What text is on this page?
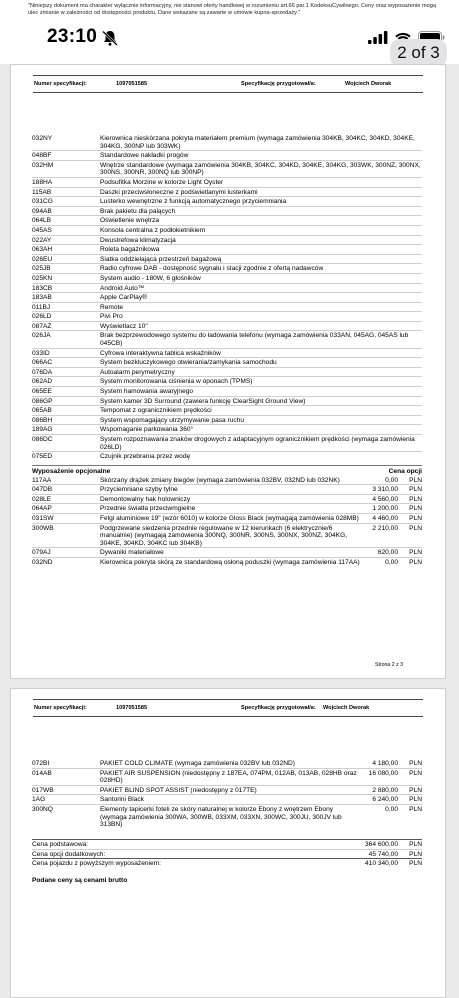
"Niniejszy dokument ma charakter wyłącznie informacyjny, nie stanowi oferty handlowej w rozumieniu art.66 par.1 KodeksuCywilnego. Ceny oraz wyposażenie mogą ulec zmianie w zależności od dostępności produktu. Dane wskazane są zawarte w umowie kupna-sprzedaży."
23:10
2 of 3
Numer specyfikacji:	1097051585	Specyfikację przygotował/a:	Wojciech Dworak
032NY	Kierownica nieskórzana pokryta materiałem premium (wymaga zamówienia 304KB, 304KC, 304KD, 304KE, 304KG, 300NP lub 303WK)
048BF	Standardowe nakładki progów
032HM	Wnętrze standardowe (wymaga zamówienia 304KB, 304KC, 304KD, 304KE, 304KG, 303WK, 300NZ, 300NX, 300NS, 300NR, 300NQ lub 300NP)
188HA	Podsufitka Morzine w kolorze Light Oyster
115AB	Daszki przeciwsłoneczne z podświetlanymi lusterkami
031CG	Lusterko wewnętrzne z funkcją automatycznego przyciemniania
094AB	Brak pakietu dla palących
064LB	Oświetlenie wnętrza
045AS	Konsola centralna z podłokietnikiem
022AY	Dwustrefowa klimatyzacja
063AH	Roleta bagażnikowa
026EU	Siatka oddzielająca przestrzeń bagażową
025JB	Radio cyfrowe DAB - dostępność sygnału i stacji zgodnie z ofertą nadawców
025KN	System audio - 180W, 6 głośników
183CB	Android Auto™
183AB	Apple CarPlay®
011BJ	Remote
026LD	Pivi Pro
087AZ	Wyświetlacz 10"
026JA	Brak bezprzewodowego systemu do ładowania telefonu (wymaga zamówienia 033AN, 045AG, 045AS lub 045CB)
033ID	Cyfrowa interaktywna tablica wskaźników
066AC	System bezkluczykowego otwierania/zamykania samochodu
076DA	Autoalarm perymetryczny
062AD	System monitorowania ciśnienia w oponach (TPMS)
065EE	System hamowania awaryjnego
086GP	System kamer 3D Surround (zawiera funkcję ClearSight Ground View)
065AB	Tempomat z ogranicznikiem prędkości
086BH	System wspomagający utrzymywanie pasa ruchu
189AG	Wspomaganie parkowania 360°
086DC	System rozpoznawania znaków drogowych z adaptacyjnym ogranicznikiem prędkości (wymaga zamówienia 026LD)
075ED	Czujnik przebrania przez wodę
Wyposażenie opcjonalne	Cena opcji
117AA	Skórzany drążek zmiany biegów (wymaga zamówienia 032BV, 032ND lub 032NK)	0,00	PLN
047DB	Przyciemniane szyby tylne	3 310,00	PLN
028LE	Demontowalny hak holowniczy	4 560,00	PLN
064AP	Przednie światła przeciwmgielne	1 200,00	PLN
031SW	Felgi aluminiowe 19" (wzór 6010) w kolorze Gloss Black (wymagają zamówienia 028MB)	4 460,00	PLN
300WB	Podgrzewane siedzenia przednie regulowane w 12 kierunkach (6 elektrycznie/6 manualnie) (wymagają zamówienia 300NQ, 300NR, 300NS, 300NX, 300NZ, 304KG, 304KE, 304KD, 304KC lub 304KB)
2 210,00	PLN
079AJ	Dywaniki materiałowe	620,00	PLN
032ND	Kierownica pokryta skórą ze standardową osłoną poduszki (wymaga zamówienia 117AA)	0,00	PLN
Strona 2 z 3
Numer specyfikacji:	1097051585	Specyfikację przygotował/a: Wojciech Dworak
072BI	PAKIET COLD CLIMATE (wymaga zamówienia 032BV lub 032ND)	4 180,00	PLN
014AB	PAKIET AIR SUSPENSION (niedostępny z 187EA, 074PM, 012AB, 013AB, 028HB oraz 028HD)
16 080,00	PLN
017WB	PAKIET BLIND SPOT ASSIST (niedostępny z 017TE)	2 880,00	PLN
1AG	Santorini Black	6 240,00	PLN
300NQ	Elementy tapicerki foteli ze skóry naturalnej w kolorze Ebony z wnętrzem Ebony (wymaga zamówienia 300WA, 300WB, 033XM, 033XN, 300WC, 300JU, 300JV lub 313BN)
0,00	PLN
Cena podstawowa:	364 600,00	PLN
Cena opcji dodatkowych:	45 740,00	PLN
Cena pojazdu z powyższym wyposażeniem:	410 340,00	PLN
Podane ceny są cenami brutto
